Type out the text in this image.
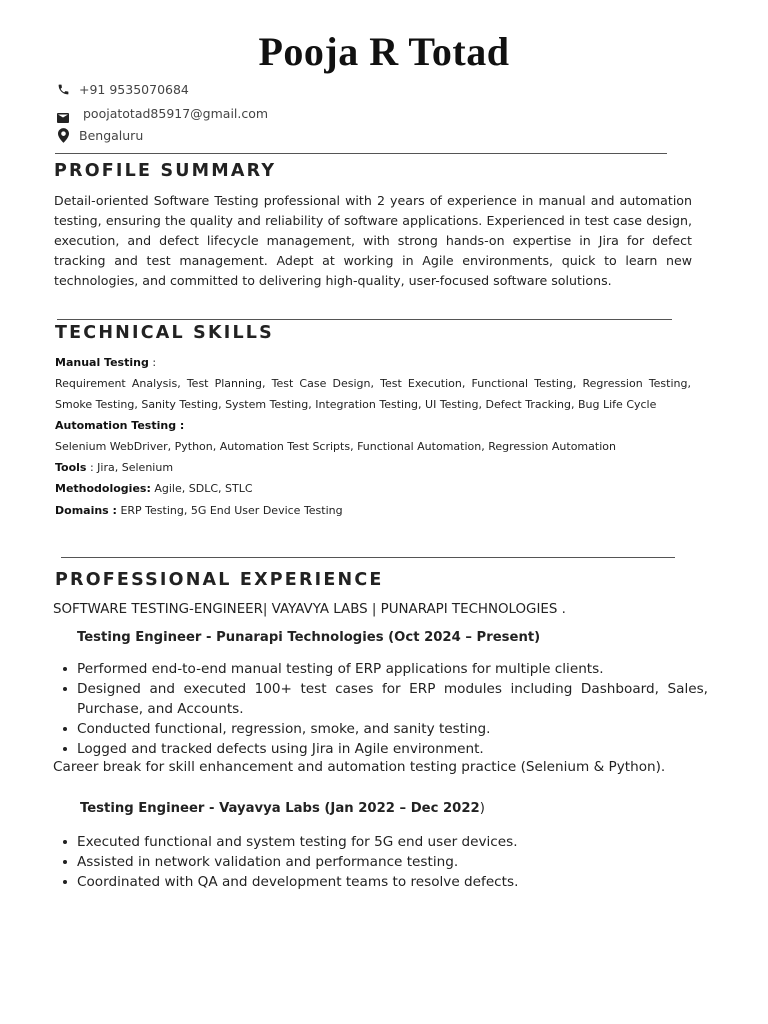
Pooja R Totad
+91 9535070684
poojatotad85917@gmail.com
Bengaluru
PROFILE SUMMARY
Detail-oriented Software Testing professional with 2 years of experience in manual and automation testing, ensuring the quality and reliability of software applications. Experienced in test case design, execution, and defect lifecycle management, with strong hands-on expertise in Jira for defect tracking and test management. Adept at working in Agile environments, quick to learn new technologies, and committed to delivering high-quality, user-focused software solutions.
TECHNICAL SKILLS
Manual Testing :
Requirement Analysis, Test Planning, Test Case Design, Test Execution, Functional Testing, Regression Testing, Smoke Testing, Sanity Testing, System Testing, Integration Testing, UI Testing, Defect Tracking, Bug Life Cycle
Automation Testing :
Selenium WebDriver, Python, Automation Test Scripts, Functional Automation, Regression Automation
Tools : Jira, Selenium
Methodologies: Agile, SDLC, STLC
Domains : ERP Testing, 5G End User Device Testing
PROFESSIONAL EXPERIENCE
SOFTWARE TESTING-ENGINEER| VAYAVYA LABS | PUNARAPI TECHNOLOGIES .
Testing Engineer - Punarapi Technologies (Oct 2024 – Present)
Performed end-to-end manual testing of ERP applications for multiple clients.
Designed and executed 100+ test cases for ERP modules including Dashboard, Sales, Purchase, and Accounts.
Conducted functional, regression, smoke, and sanity testing.
Logged and tracked defects using Jira in Agile environment.
Career break for skill enhancement and automation testing practice (Selenium & Python).
Testing Engineer - Vayavya Labs (Jan 2022 – Dec 2022)
Executed functional and system testing for 5G end user devices.
Assisted in network validation and performance testing.
Coordinated with QA and development teams to resolve defects.
